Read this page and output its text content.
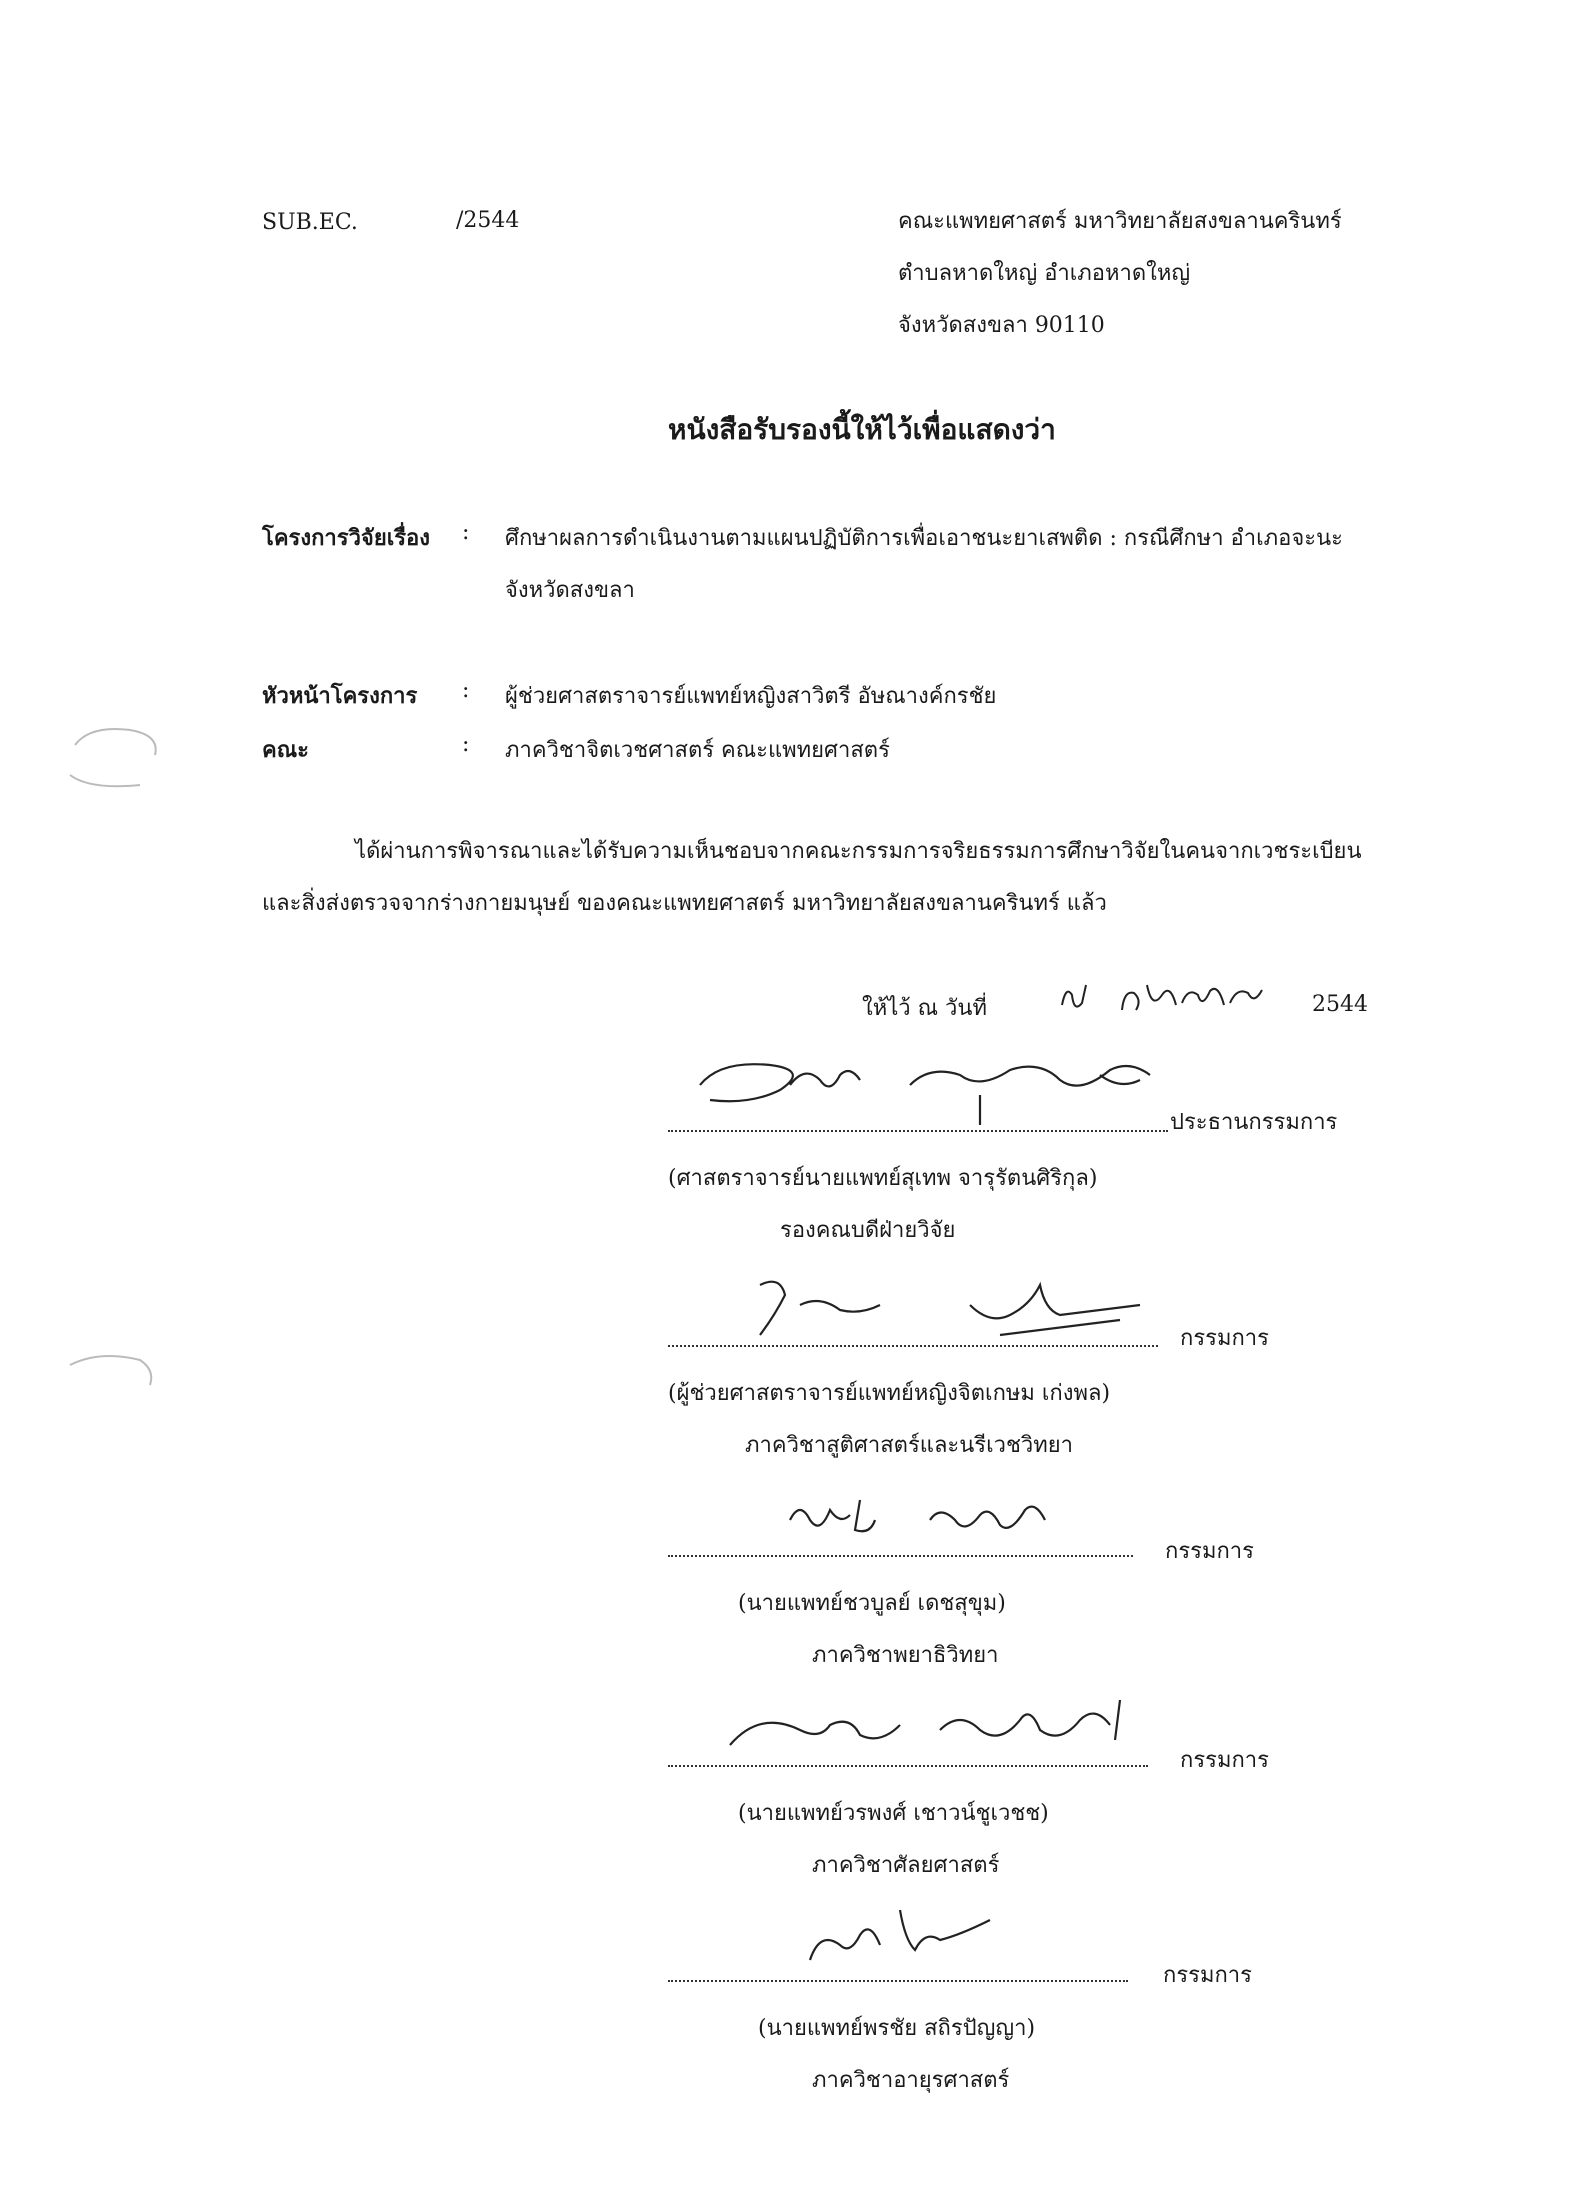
SUB.EC.	/2544	คณะแพทยศาสตร์ มหาวิทยาลัยสงขลานครินทร์
ตำบลหาดใหญ่ อำเภอหาดใหญ่
จังหวัดสงขลา 90110
หนังสือรับรองนี้ให้ไว้เพื่อแสดงว่า
โครงการวิจัยเรื่อง : ศึกษาผลการดำเนินงานตามแผนปฏิบัติการเพื่อเอาชนะยาเสพติด : กรณีศึกษา อำเภอจะนะ
จังหวัดสงขลา
หัวหน้าโครงการ : ผู้ช่วยศาสตราจารย์แพทย์หญิงสาวิตรี อัษณางค์กรชัย
คณะ	: ภาควิชาจิตเวชศาสตร์ คณะแพทยศาสตร์
ได้ผ่านการพิจารณาและได้รับความเห็นชอบจากคณะกรรมการจริยธรรมการศึกษาวิจัยในคนจากเวชระเบียน
และสิ่งส่งตรวจจากร่างกายมนุษย์ ของคณะแพทยศาสตร์ มหาวิทยาลัยสงขลานครินทร์ แล้ว
ให้ไว้ ณ วันที่	2544
ประธานกรรมการ
(ศาสตราจารย์นายแพทย์สุเทพ จารุรัตนศิริกุล)
รองคณบดีฝ่ายวิจัย
กรรมการ
(ผู้ช่วยศาสตราจารย์แพทย์หญิงจิตเกษม เก่งพล)
ภาควิชาสูติศาสตร์และนรีเวชวิทยา
กรรมการ
(นายแพทย์ชวบูลย์ เดชสุขุม)
ภาควิชาพยาธิวิทยา
กรรมการ
(นายแพทย์วรพงศ์ เชาวน์ชูเวชช)
ภาควิชาศัลยศาสตร์
กรรมการ
(นายแพทย์พรชัย สถิรปัญญา)
ภาควิชาอายุรศาสตร์
